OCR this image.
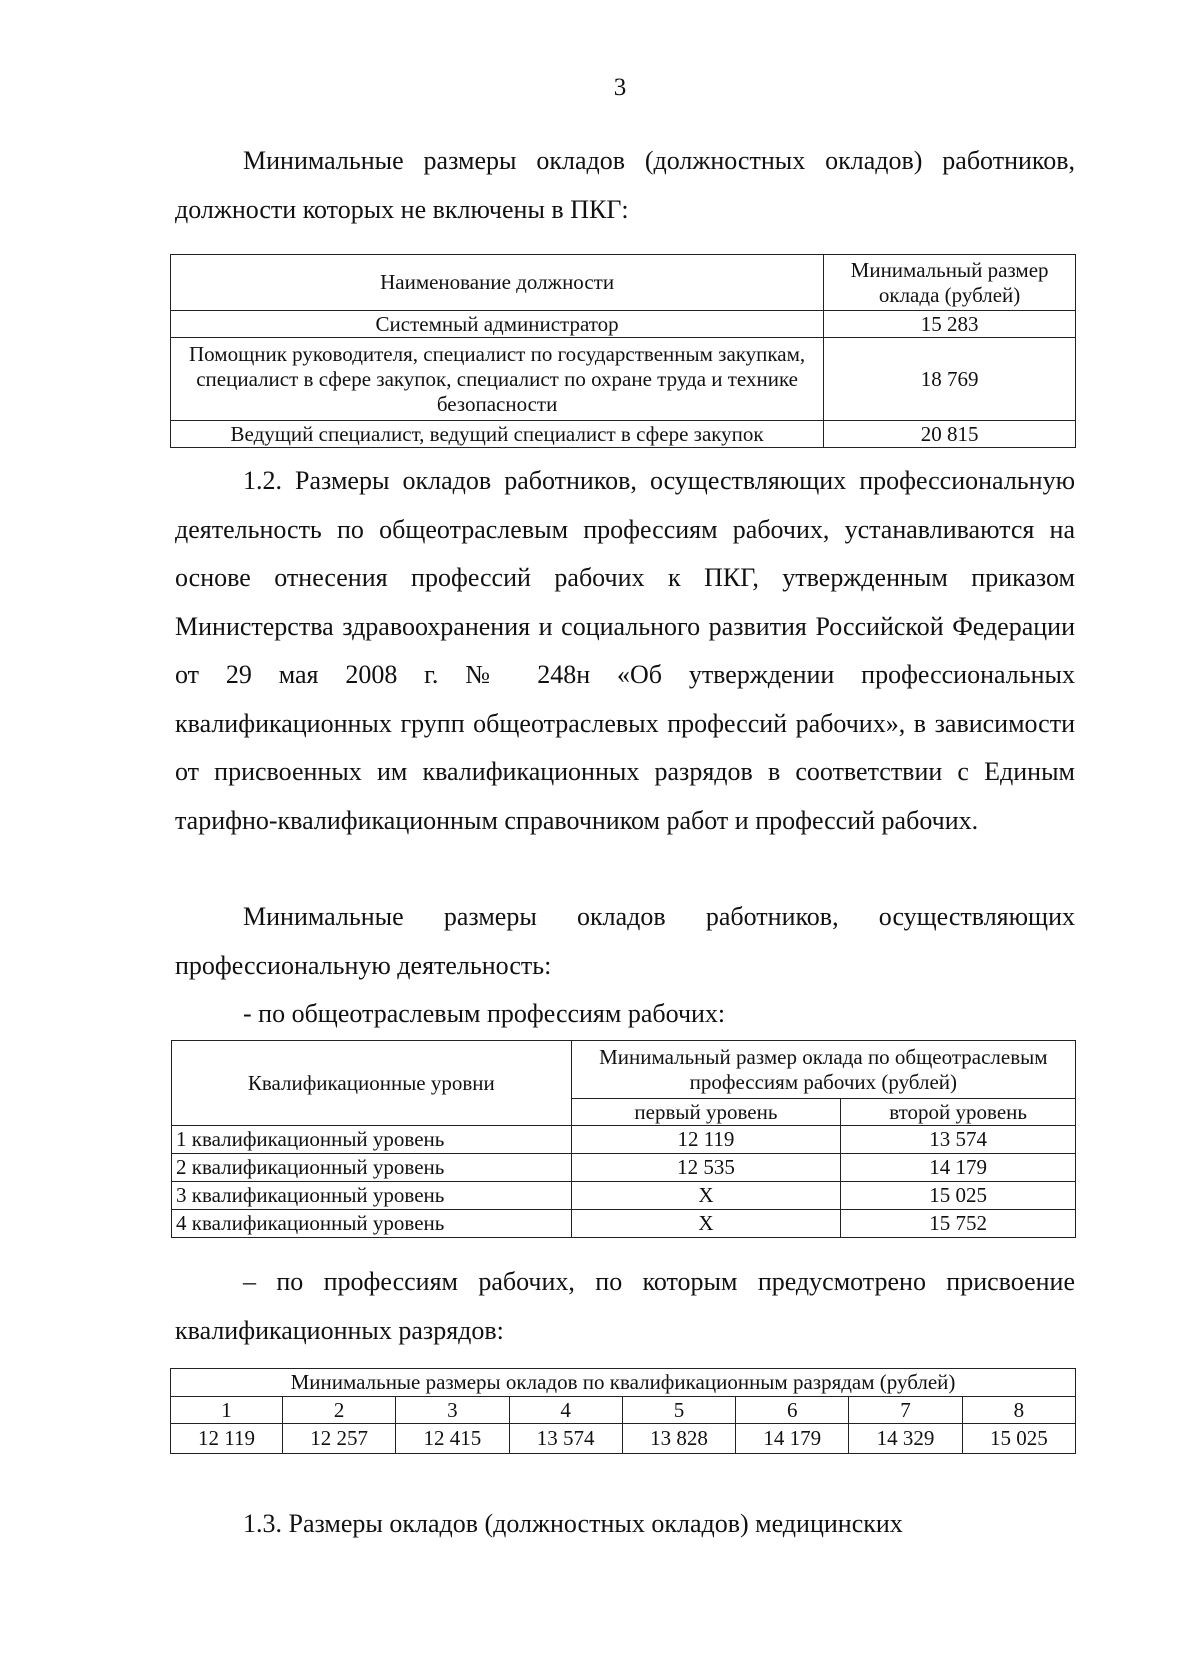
3
Минимальные размеры окладов (должностных окладов) работников, должности которых не включены в ПКГ:
Наименование должности	Минимальный размер оклада (рублей)
Системный администратор	15 283
Помощник руководителя, специалист по государственным закупкам, специалист в сфере закупок, специалист по охране труда и технике безопасности	18 769
Ведущий специалист, ведущий специалист в сфере закупок	20 815
1.2. Размеры окладов работников, осуществляющих профессиональную деятельность по общеотраслевым профессиям рабочих, устанавливаются на основе отнесения профессий рабочих к ПКГ, утвержденным приказом Министерства здравоохранения и социального развития Российской Федерации от 29 мая 2008 г. № 248н «Об утверждении профессиональных квалификационных групп общеотраслевых профессий рабочих», в зависимости от присвоенных им квалификационных разрядов в соответствии с Единым тарифно-квалификационным справочником работ и профессий рабочих.
Минимальные размеры окладов работников, осуществляющих профессиональную деятельность:
- по общеотраслевым профессиям рабочих:
Квалификационные уровни	Минимальный размер оклада по общеотраслевым профессиям рабочих (рублей)	
	первый уровень	второй уровень
1 квалификационный уровень	12 119	13 574
2 квалификационный уровень	12 535	14 179
3 квалификационный уровень	Х	15 025
4 квалификационный уровень	Х	15 752
– по профессиям рабочих, по которым предусмотрено присвоение квалификационных разрядов:
Минимальные размеры окладов по квалификационным разрядам (рублей)							
1	2	3	4	5	6	7	8
12 119	12 257	12 415	13 574	13 828	14 179	14 329	15 025
1.3. Размеры окладов (должностных окладов) медицинских
